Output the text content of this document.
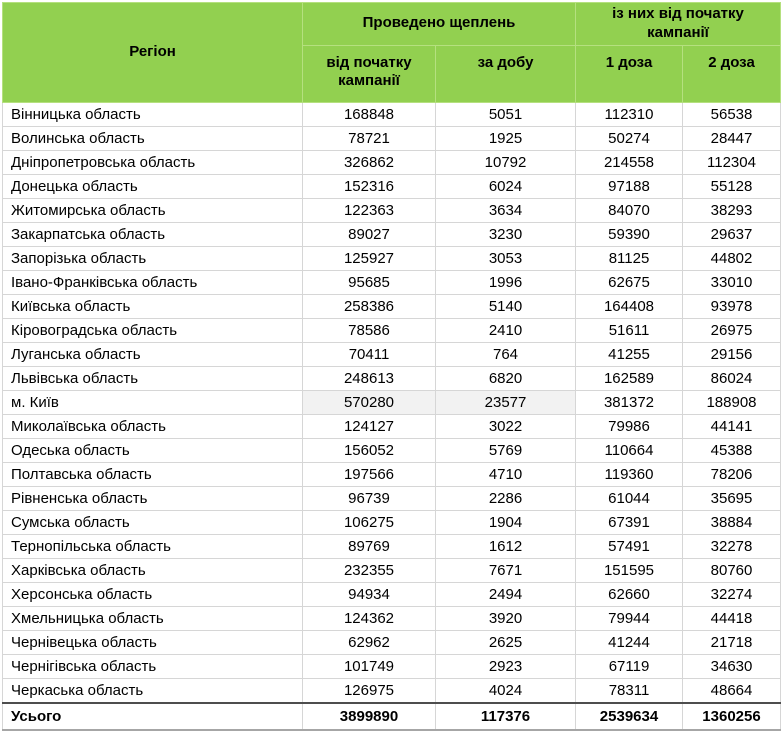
Регіон	Проведено щеплень		із них від початку кампанії	
	від початку кампанії	за добу	1 доза	2 доза
Вінницька область	168848	5051	112310	56538
Волинська область	78721	1925	50274	28447
Дніпропетровська область	326862	10792	214558	112304
Донецька область	152316	6024	97188	55128
Житомирська область	122363	3634	84070	38293
Закарпатська область	89027	3230	59390	29637
Запорізька область	125927	3053	81125	44802
Івано-Франківська область	95685	1996	62675	33010
Київська область	258386	5140	164408	93978
Кіровоградська область	78586	2410	51611	26975
Луганська область	70411	764	41255	29156
Львівська область	248613	6820	162589	86024
м. Київ	570280	23577	381372	188908
Миколаївська область	124127	3022	79986	44141
Одеська область	156052	5769	110664	45388
Полтавська область	197566	4710	119360	78206
Рівненська область	96739	2286	61044	35695
Сумська область	106275	1904	67391	38884
Тернопільська область	89769	1612	57491	32278
Харківська область	232355	7671	151595	80760
Херсонська область	94934	2494	62660	32274
Хмельницька область	124362	3920	79944	44418
Чернівецька область	62962	2625	41244	21718
Чернігівська область	101749	2923	67119	34630
Черкаська область	126975	4024	78311	48664
Усього	3899890	117376	2539634	1360256
